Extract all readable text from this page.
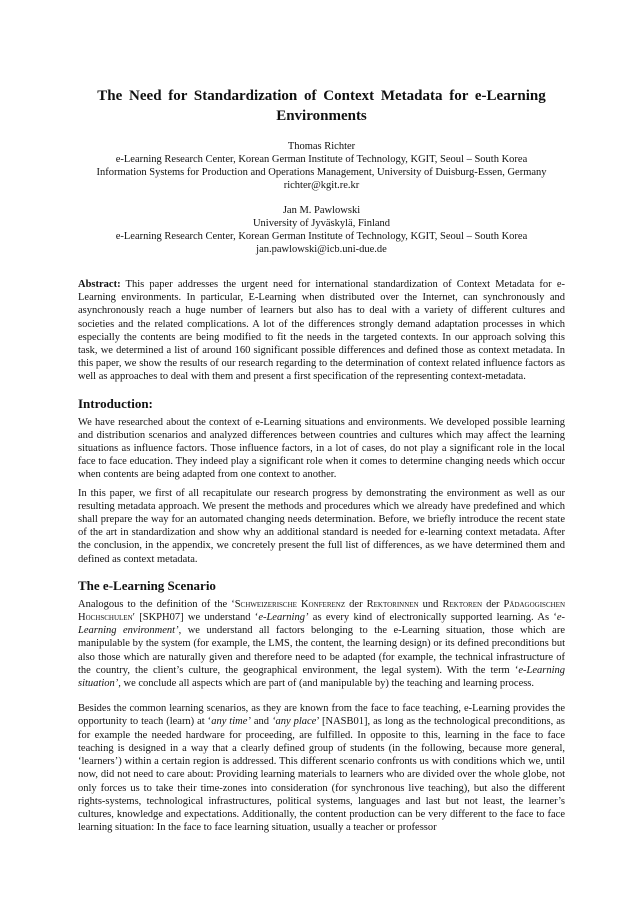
The Need for Standardization of Context Metadata for e-Learning Environments
Thomas Richter
e-Learning Research Center, Korean German Institute of Technology, KGIT, Seoul – South Korea
Information Systems for Production and Operations Management, University of Duisburg-Essen, Germany
richter@kgit.re.kr
Jan M. Pawlowski
University of Jyväskylä, Finland
e-Learning Research Center, Korean German Institute of Technology, KGIT, Seoul – South Korea
jan.pawlowski@icb.uni-due.de
Abstract: This paper addresses the urgent need for international standardization of Context Metadata for e-Learning environments. In particular, E-Learning when distributed over the Internet, can synchronously and asynchronously reach a huge number of learners but also has to deal with a variety of different cultures and societies and the related complications. A lot of the differences strongly demand adaptation processes in which especially the contents are being modified to fit the needs in the targeted contexts. In our approach solving this task, we determined a list of around 160 significant possible differences and defined those as context metadata. In this paper, we show the results of our research regarding to the determination of context related influence factors as well as approaches to deal with them and present a first specification of the representing context-metadata.
Introduction:

We have researched about the context of e-Learning situations and environments. We developed possible learning and distribution scenarios and analyzed differences between countries and cultures which may affect the learning situations as influence factors. Those influence factors, in a lot of cases, do not play a significant role in the local face to face education. They indeed play a significant role when it comes to determine changing needs which occur when contents are being adapted from one context to another.

In this paper, we first of all recapitulate our research progress by demonstrating the environment as well as our resulting metadata approach. We present the methods and procedures which we already have predefined and which shall prepare the way for an automated changing needs determination. Before, we briefly introduce the recent state of the art in standardization and show why an additional standard is needed for e-learning context metadata. After the conclusion, in the appendix, we concretely present the full list of differences, as we have determined them and defined as context metadata.

The e-Learning Scenario

Analogous to the definition of the ‘Schweizerische Konferenz der Rektorinnen und Rektoren der Pädagogischen Hochschulen′ [SKPH07] we understand ‘e-Learning’ as every kind of electronically supported learning. As ‘e-Learning environment’, we understand all factors belonging to the e-Learning situation, those which are manipulable by the system (for example, the LMS, the content, the learning design) or its defined preconditions but also those which are naturally given and therefore need to be adapted (for example, the technical infrastructure of the country, the client’s culture, the geographical environment, the legal system). With the term ‘e-Learning situation’, we conclude all aspects which are part of (and manipulable by) the teaching and learning process.

Besides the common learning scenarios, as they are known from the face to face teaching, e-Learning provides the opportunity to teach (learn) at ‘any time’ and ‘any place’ [NASB01], as long as the technological preconditions, as for example the needed hardware for proceeding, are fulfilled. In opposite to this, learning in the face to face teaching is designed in a way that a clearly defined group of students (in the following, because more general, ‘learners’) within a certain region is addressed. This different scenario confronts us with conditions which we, until now, did not need to care about: Providing learning materials to learners who are divided over the whole globe, not only forces us to take their time-zones into consideration (for synchronous live teaching), but also the different rights-systems, technological infrastructures, political systems, languages and last but not least, the learner’s cultures, knowledge and expectations. Additionally, the content production can be very different to the face to face learning situation: In the face to face learning situation, usually a teacher or professor
